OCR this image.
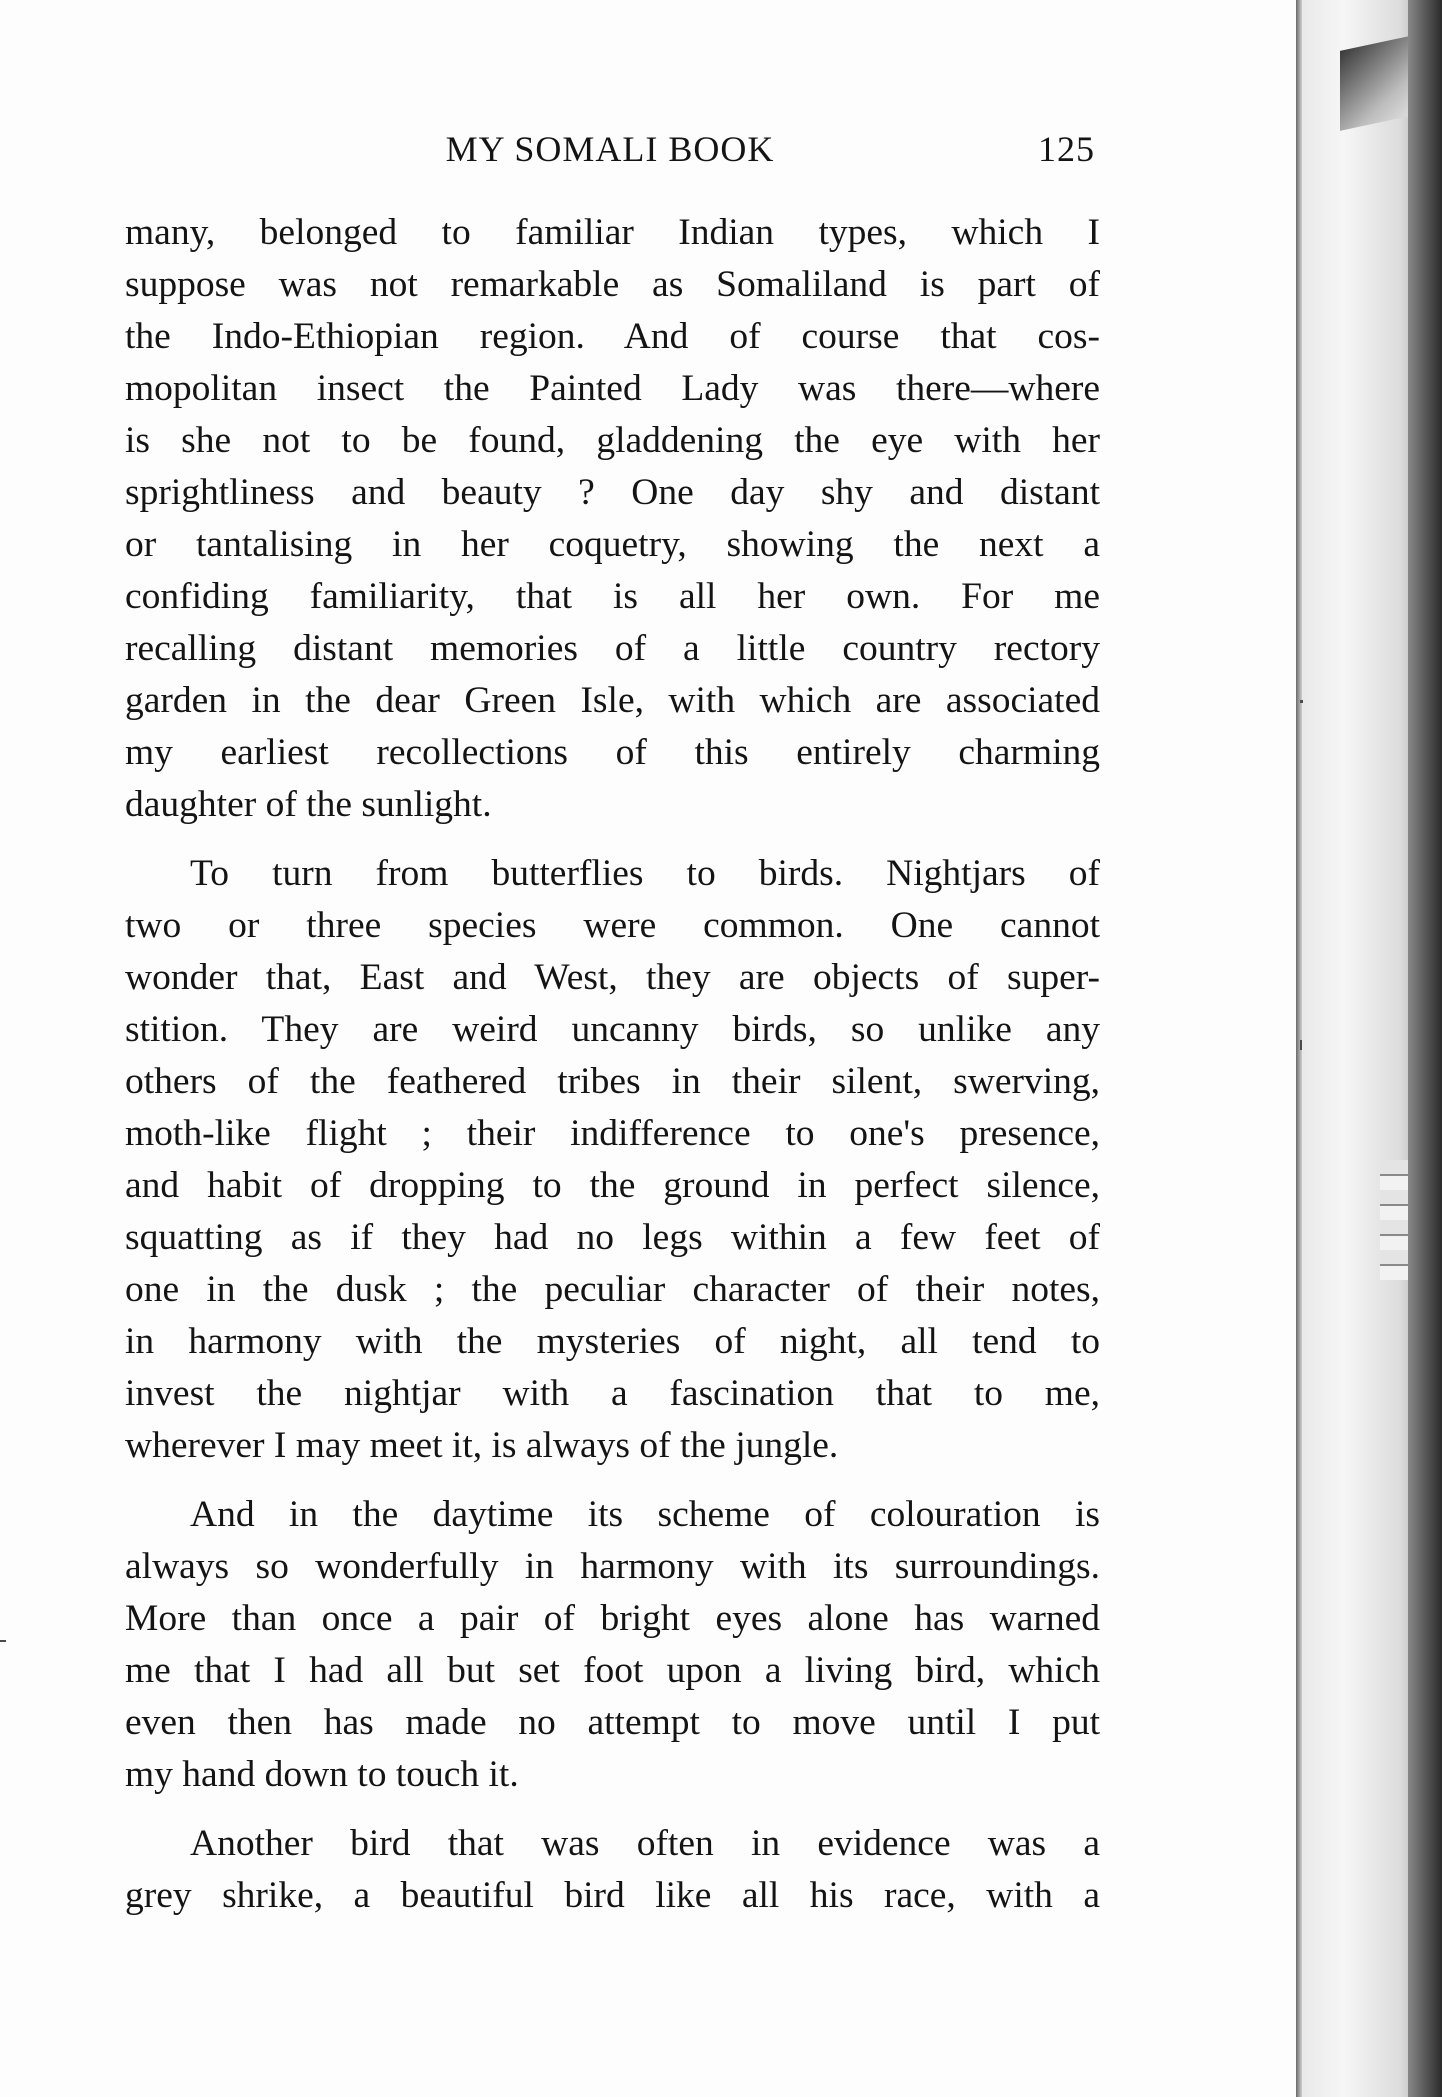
MY SOMALI BOOK	125
many, belonged to familiar Indian types, which I
suppose was not remarkable as Somaliland is part of
the Indo-Ethiopian region. And of course that cos-
mopolitan insect the Painted Lady was there—where
is she not to be found, gladdening the eye with her
sprightliness and beauty ? One day shy and distant
or tantalising in her coquetry, showing the next a
confiding familiarity, that is all her own. For me
recalling distant memories of a little country rectory
garden in the dear Green Isle, with which are associated
my earliest recollections of this entirely charming
daughter of the sunlight.
To turn from butterflies to birds. Nightjars of
two or three species were common. One cannot
wonder that, East and West, they are objects of super-
stition. They are weird uncanny birds, so unlike any
others of the feathered tribes in their silent, swerving,
moth-like flight ; their indifference to one's presence,
and habit of dropping to the ground in perfect silence,
squatting as if they had no legs within a few feet of
one in the dusk ; the peculiar character of their notes,
in harmony with the mysteries of night, all tend to
invest the nightjar with a fascination that to me,
wherever I may meet it, is always of the jungle.
And in the daytime its scheme of colouration is
always so wonderfully in harmony with its surroundings.
More than once a pair of bright eyes alone has warned
me that I had all but set foot upon a living bird, which
even then has made no attempt to move until I put
my hand down to touch it.
Another bird that was often in evidence was a
grey shrike, a beautiful bird like all his race, with a
